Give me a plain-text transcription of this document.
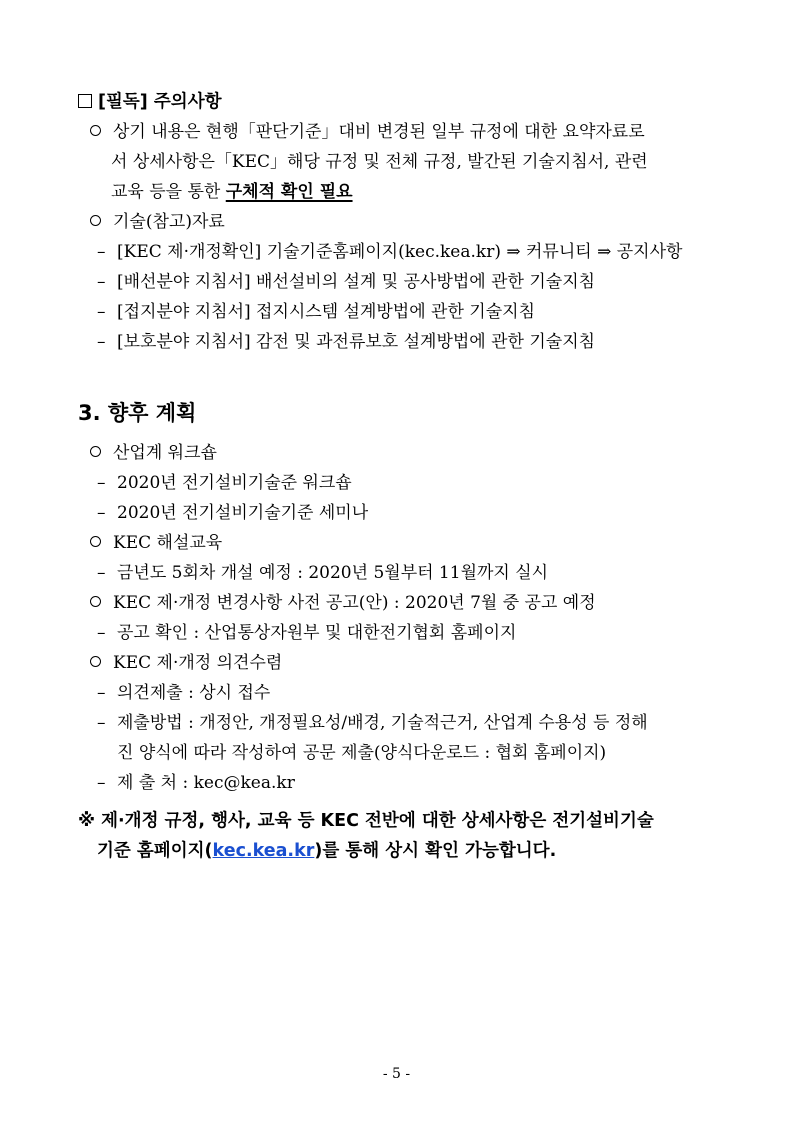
[필독] 주의사항
상기 내용은 현행「판단기준」대비 변경된 일부 규정에 대한 요약자료로
서 상세사항은「KEC」해당 규정 및 전체 규정, 발간된 기술지침서, 관련
교육 등을 통한 구체적 확인 필요
기술(참고)자료
– [KEC 제·개정확인] 기술기준홈페이지(kec.kea.kr) ⇒ 커뮤니티 ⇒ 공지사항
– [배선분야 지침서] 배선설비의 설계 및 공사방법에 관한 기술지침
– [접지분야 지침서] 접지시스템 설계방법에 관한 기술지침
– [보호분야 지침서] 감전 및 과전류보호 설계방법에 관한 기술지침
3. 향후 계획
산업계 워크숍
– 2020년 전기설비기술준 워크숍
– 2020년 전기설비기술기준 세미나
KEC 해설교육
– 금년도 5회차 개설 예정 : 2020년 5월부터 11월까지 실시
KEC 제·개정 변경사항 사전 공고(안) : 2020년 7월 중 공고 예정
– 공고 확인 : 산업통상자원부 및 대한전기협회 홈페이지
KEC 제·개정 의견수렴
– 의견제출 : 상시 접수
– 제출방법 : 개정안, 개정필요성/배경, 기술적근거, 산업계 수용성 등 정해
진 양식에 따라 작성하여 공문 제출(양식다운로드 : 협회 홈페이지)
– 제 출 처 : kec@kea.kr
※ 제·개정 규정, 행사, 교육 등 KEC 전반에 대한 상세사항은 전기설비기술
기준 홈페이지(kec.kea.kr)를 통해 상시 확인 가능합니다.
- 5 -
